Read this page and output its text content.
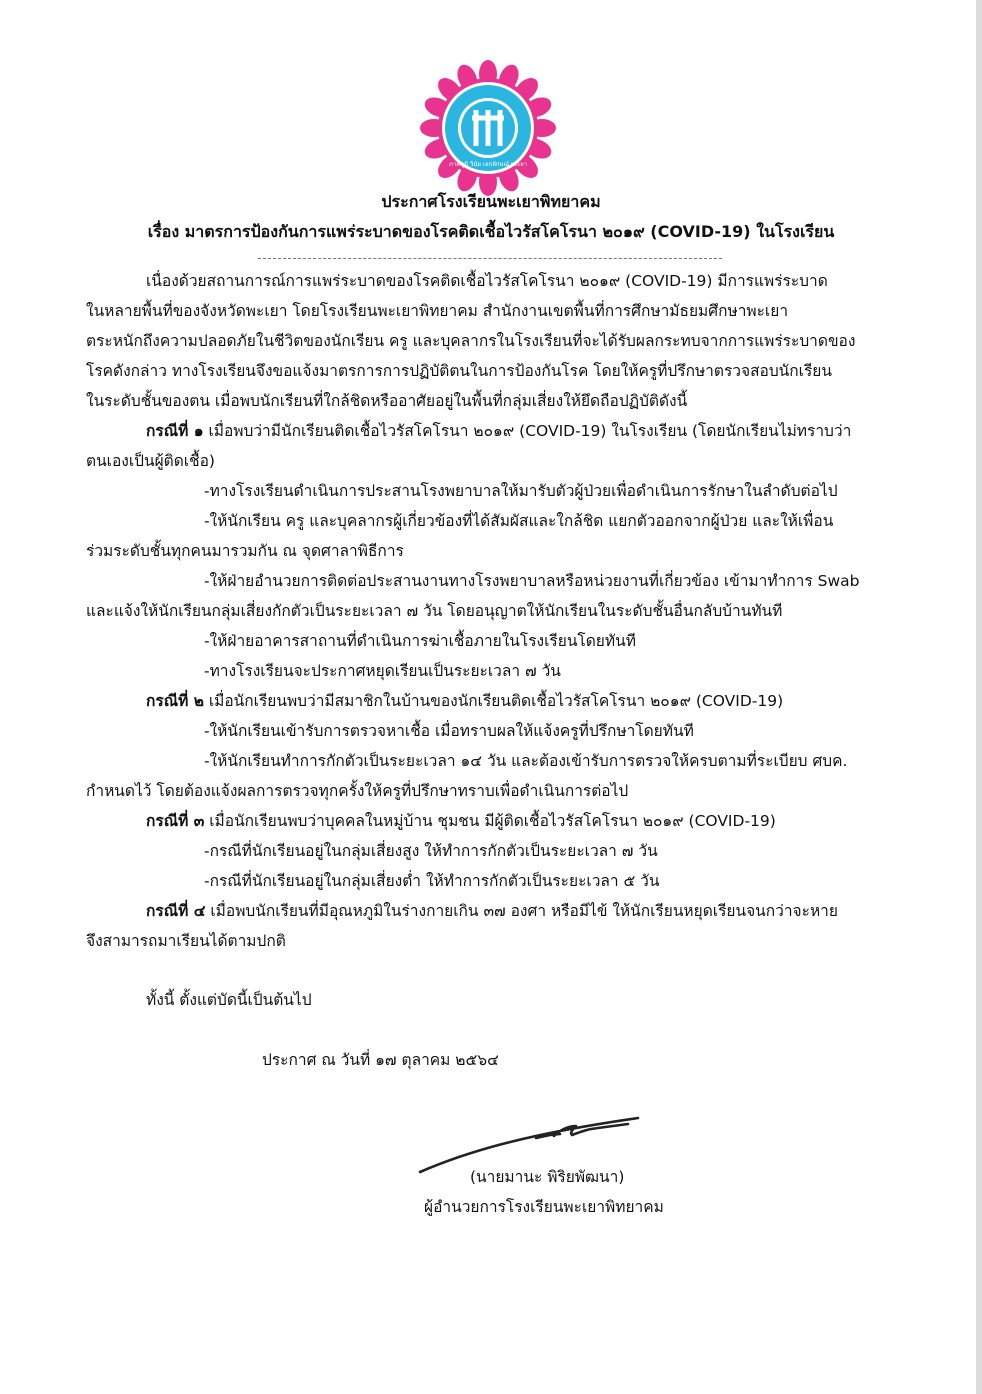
ภาคภูมิ วินัย เอกลักษณ์ พะเยา
ประกาศโรงเรียนพะเยาพิทยาคม
เรื่อง มาตรการป้องกันการแพร่ระบาดของโรคติดเชื้อไวรัสโคโรนา ๒๐๑๙ (COVID-19) ในโรงเรียน
เนื่องด้วยสถานการณ์การแพร่ระบาดของโรคติดเชื้อไวรัสโคโรนา ๒๐๑๙ (COVID-19) มีการแพร่ระบาด
ในหลายพื้นที่ของจังหวัดพะเยา โดยโรงเรียนพะเยาพิทยาคม สำนักงานเขตพื้นที่การศึกษามัธยมศึกษาพะเยา
ตระหนักถึงความปลอดภัยในชีวิตของนักเรียน ครู และบุคลากรในโรงเรียนที่จะได้รับผลกระทบจากการแพร่ระบาดของ
โรคดังกล่าว ทางโรงเรียนจึงขอแจ้งมาตรการการปฏิบัติตนในการป้องกันโรค โดยให้ครูที่ปรึกษาตรวจสอบนักเรียน
ในระดับชั้นของตน เมื่อพบนักเรียนที่ใกล้ชิดหรืออาศัยอยู่ในพื้นที่กลุ่มเสี่ยงให้ยึดถือปฏิบัติดังนี้
กรณีที่ ๑ เมื่อพบว่ามีนักเรียนติดเชื้อไวรัสโคโรนา ๒๐๑๙ (COVID-19) ในโรงเรียน (โดยนักเรียนไม่ทราบว่า
ตนเองเป็นผู้ติดเชื้อ)
-ทางโรงเรียนดำเนินการประสานโรงพยาบาลให้มารับตัวผู้ป่วยเพื่อดำเนินการรักษาในลำดับต่อไป
-ให้นักเรียน ครู และบุคลากรผู้เกี่ยวข้องที่ได้สัมผัสและใกล้ชิด แยกตัวออกจากผู้ป่วย และให้เพื่อน
ร่วมระดับชั้นทุกคนมารวมกัน ณ จุดศาลาพิธีการ
-ให้ฝ่ายอำนวยการติดต่อประสานงานทางโรงพยาบาลหรือหน่วยงานที่เกี่ยวข้อง เข้ามาทำการ Swab
และแจ้งให้นักเรียนกลุ่มเสี่ยงกักตัวเป็นระยะเวลา ๗ วัน โดยอนุญาตให้นักเรียนในระดับชั้นอื่นกลับบ้านทันที
-ให้ฝ่ายอาคารสาถานที่ดำเนินการฆ่าเชื้อภายในโรงเรียนโดยทันที
-ทางโรงเรียนจะประกาศหยุดเรียนเป็นระยะเวลา ๗ วัน
กรณีที่ ๒ เมื่อนักเรียนพบว่ามีสมาชิกในบ้านของนักเรียนติดเชื้อไวรัสโคโรนา ๒๐๑๙ (COVID-19)
-ให้นักเรียนเข้ารับการตรวจหาเชื้อ เมื่อทราบผลให้แจ้งครูที่ปรึกษาโดยทันที
-ให้นักเรียนทำการกักตัวเป็นระยะเวลา ๑๔ วัน และต้องเข้ารับการตรวจให้ครบตามที่ระเบียบ ศบค.
กำหนดไว้ โดยต้องแจ้งผลการตรวจทุกครั้งให้ครูที่ปรึกษาทราบเพื่อดำเนินการต่อไป
กรณีที่ ๓ เมื่อนักเรียนพบว่าบุคคลในหมู่บ้าน ชุมชน มีผู้ติดเชื้อไวรัสโคโรนา ๒๐๑๙ (COVID-19)
-กรณีที่นักเรียนอยู่ในกลุ่มเสี่ยงสูง ให้ทำการกักตัวเป็นระยะเวลา ๗ วัน
-กรณีที่นักเรียนอยู่ในกลุ่มเสี่ยงต่ำ ให้ทำการกักตัวเป็นระยะเวลา ๕ วัน
กรณีที่ ๔ เมื่อพบนักเรียนที่มีอุณหภูมิในร่างกายเกิน ๓๗ องศา หรือมีไข้ ให้นักเรียนหยุดเรียนจนกว่าจะหาย
จึงสามารถมาเรียนได้ตามปกติ
ทั้งนี้ ตั้งแต่บัดนี้เป็นต้นไป
ประกาศ ณ วันที่ ๑๗ ตุลาคม ๒๕๖๔
(นายมานะ พิริยพัฒนา)
ผู้อำนวยการโรงเรียนพะเยาพิทยาคม
